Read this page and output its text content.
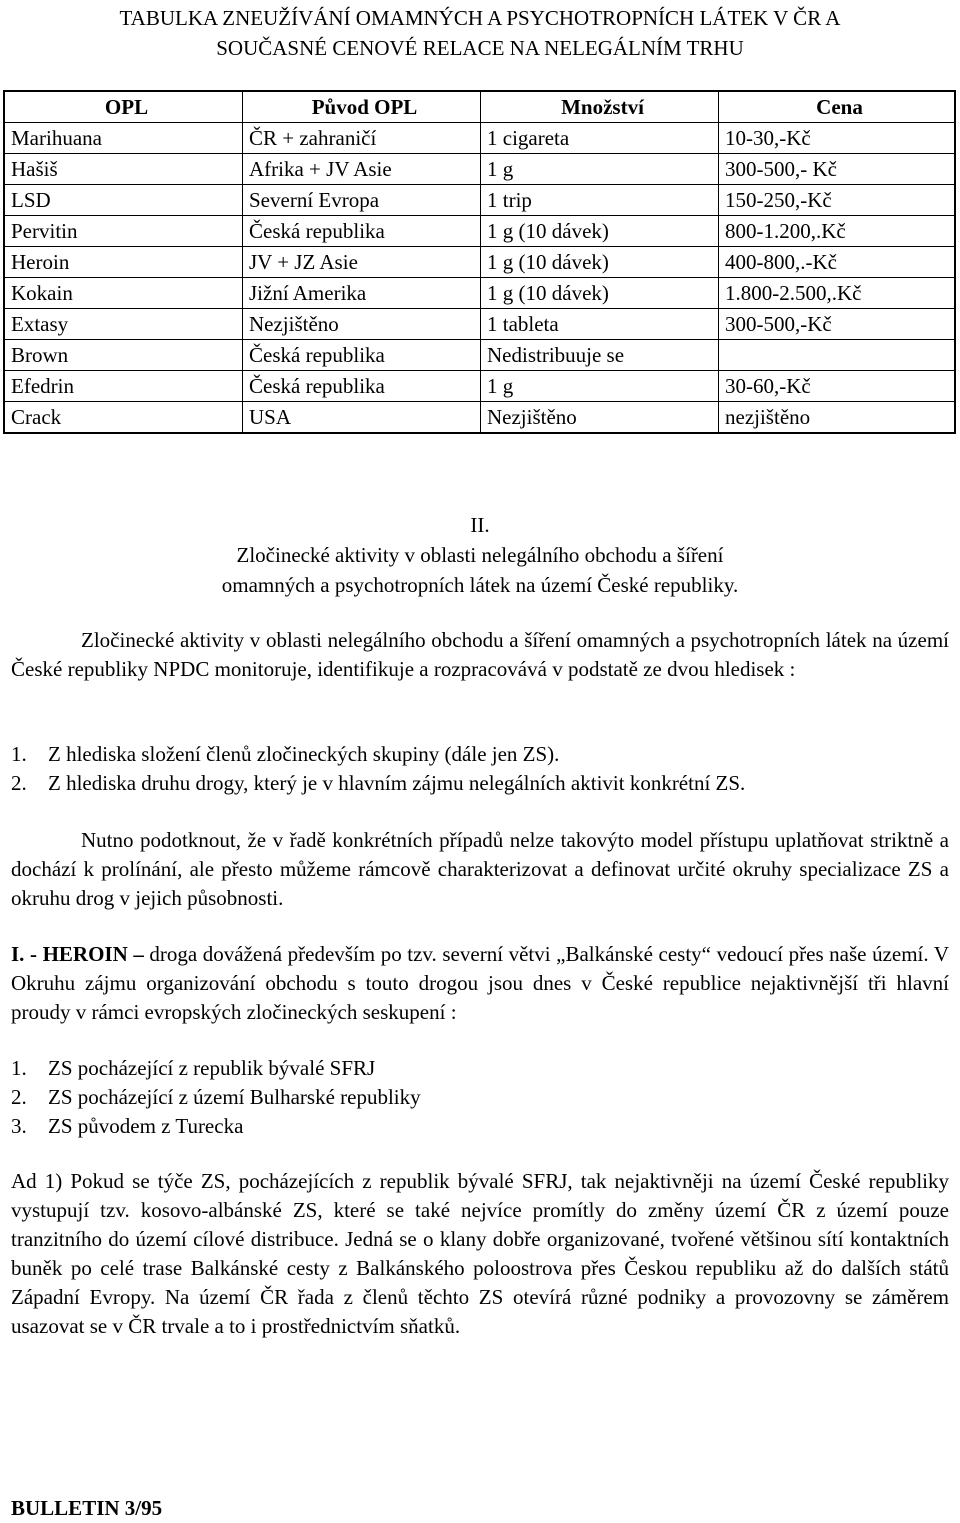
TABULKA ZNEUŽÍVÁNÍ OMAMNÝCH A PSYCHOTROPNÍCH LÁTEK V ČR A
SOUČASNÉ CENOVÉ RELACE NA NELEGÁLNÍM TRHU
OPL	Původ OPL	Množství	Cena
Marihuana	ČR + zahraničí	1 cigareta	10-30,-Kč
Hašiš	Afrika + JV Asie	1 g	300-500,- Kč
LSD	Severní Evropa	1 trip	150-250,-Kč
Pervitin	Česká republika	1 g (10 dávek)	800-1.200,.Kč
Heroin	JV + JZ Asie	1 g (10 dávek)	400-800,.-Kč
Kokain	Jižní Amerika	1 g (10 dávek)	1.800-2.500,.Kč
Extasy	Nezjištěno	1 tableta	300-500,-Kč
Brown	Česká republika	Nedistribuuje se	
Efedrin	Česká republika	1 g	30-60,-Kč
Crack	USA	Nezjištěno	nezjištěno
II.
Zločinecké aktivity v oblasti nelegálního obchodu a šíření
omamných a psychotropních látek na území České republiky.
Zločinecké aktivity v oblasti nelegálního obchodu a šíření omamných a psychotropních látek na území České republiky NPDC monitoruje, identifikuje a rozpracovává v podstatě ze dvou hledisek :
1. Z hlediska složení členů zločineckých skupiny (dále jen ZS).
2. Z hlediska druhu drogy, který je v hlavním zájmu nelegálních aktivit konkrétní ZS.
Nutno podotknout, že v řadě konkrétních případů nelze takovýto model přístupu uplatňovat striktně a dochází k prolínání, ale přesto můžeme rámcově charakterizovat a definovat určité okruhy specializace ZS a okruhu drog v jejich působnosti.
I. - HEROIN – droga dovážená především po tzv. severní větvi „Balkánské cesty“ vedoucí přes naše území. V Okruhu zájmu organizování obchodu s touto drogou jsou dnes v České republice nejaktivnější tři hlavní proudy v rámci evropských zločineckých seskupení :
1. ZS pocházející z republik bývalé SFRJ
2. ZS pocházející z území Bulharské republiky
3. ZS původem z Turecka
Ad 1) Pokud se týče ZS, pocházejících z republik bývalé SFRJ, tak nejaktivněji na území České republiky vystupují tzv. kosovo-albánské ZS, které se také nejvíce promítly do změny území ČR z území pouze tranzitního do území cílové distribuce. Jedná se o klany dobře organizované, tvořené většinou sítí kontaktních buněk po celé trase Balkánské cesty z Balkánského poloostrova přes Českou republiku až do dalších států Západní Evropy. Na území ČR řada z členů těchto ZS otevírá různé podniky a provozovny se záměrem usazovat se v ČR trvale a to i prostřednictvím sňatků.
BULLETIN 3/95
